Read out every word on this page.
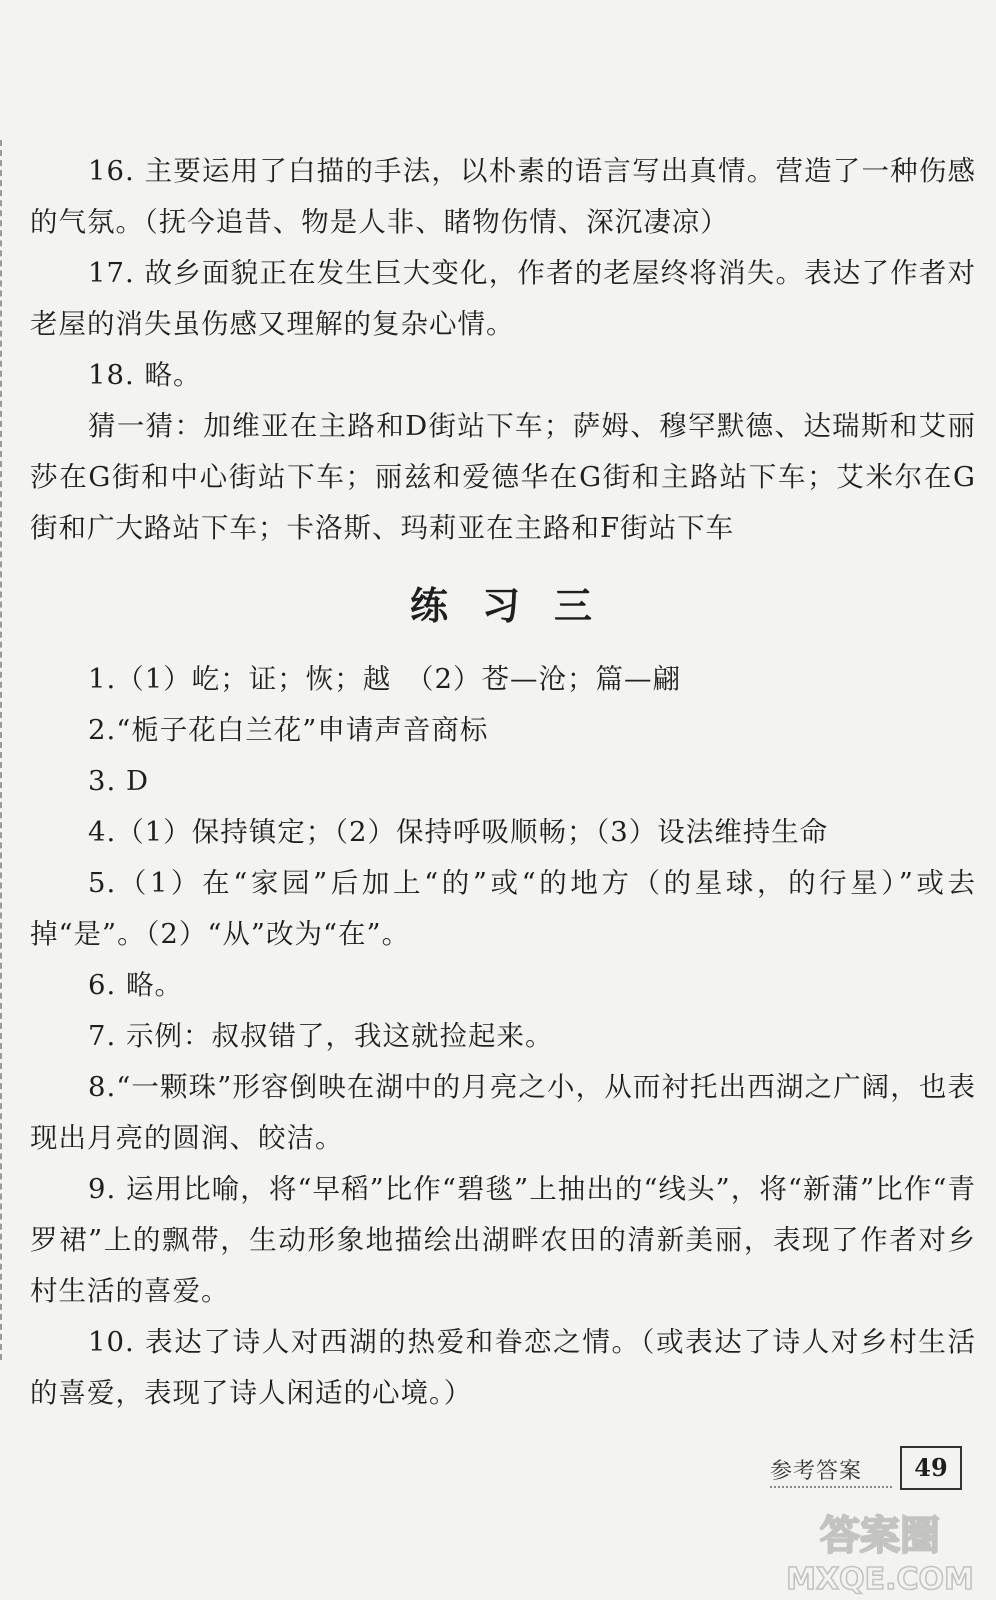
16. 主要运用了白描的手法，以朴素的语言写出真情。营造了一种伤感的气氛。（抚今追昔、物是人非、睹物伤情、深沉凄凉）

17. 故乡面貌正在发生巨大变化，作者的老屋终将消失。表达了作者对老屋的消失虽伤感又理解的复杂心情。

18. 略。

猜一猜：加维亚在主路和D街站下车；萨姆、穆罕默德、达瑞斯和艾丽莎在G街和中心街站下车；丽兹和爱德华在G街和主路站下车；艾米尔在G街和广大路站下车；卡洛斯、玛莉亚在主路和F街站下车

练习三

1.（1）屹；证；恢；越　（2）苍—沧；篇—翩

2.“栀子花白兰花”申请声音商标

3. D

4.（1）保持镇定；（2）保持呼吸顺畅；（3）设法维持生命

5.（1）在“家园”后加上“的”或“的地方（的星球，的行星）”或去掉“是”。（2）“从”改为“在”。

6. 略。

7. 示例：叔叔错了，我这就捡起来。

8.“一颗珠”形容倒映在湖中的月亮之小，从而衬托出西湖之广阔，也表现出月亮的圆润、皎洁。

9. 运用比喻，将“早稻”比作“碧毯”上抽出的“线头”，将“新蒲”比作“青罗裙”上的飘带，生动形象地描绘出湖畔农田的清新美丽，表现了作者对乡村生活的喜爱。

10. 表达了诗人对西湖的热爱和眷恋之情。（或表达了诗人对乡村生活的喜爱，表现了诗人闲适的心境。）

参考答案	49
答案圈
MXQE.COM
